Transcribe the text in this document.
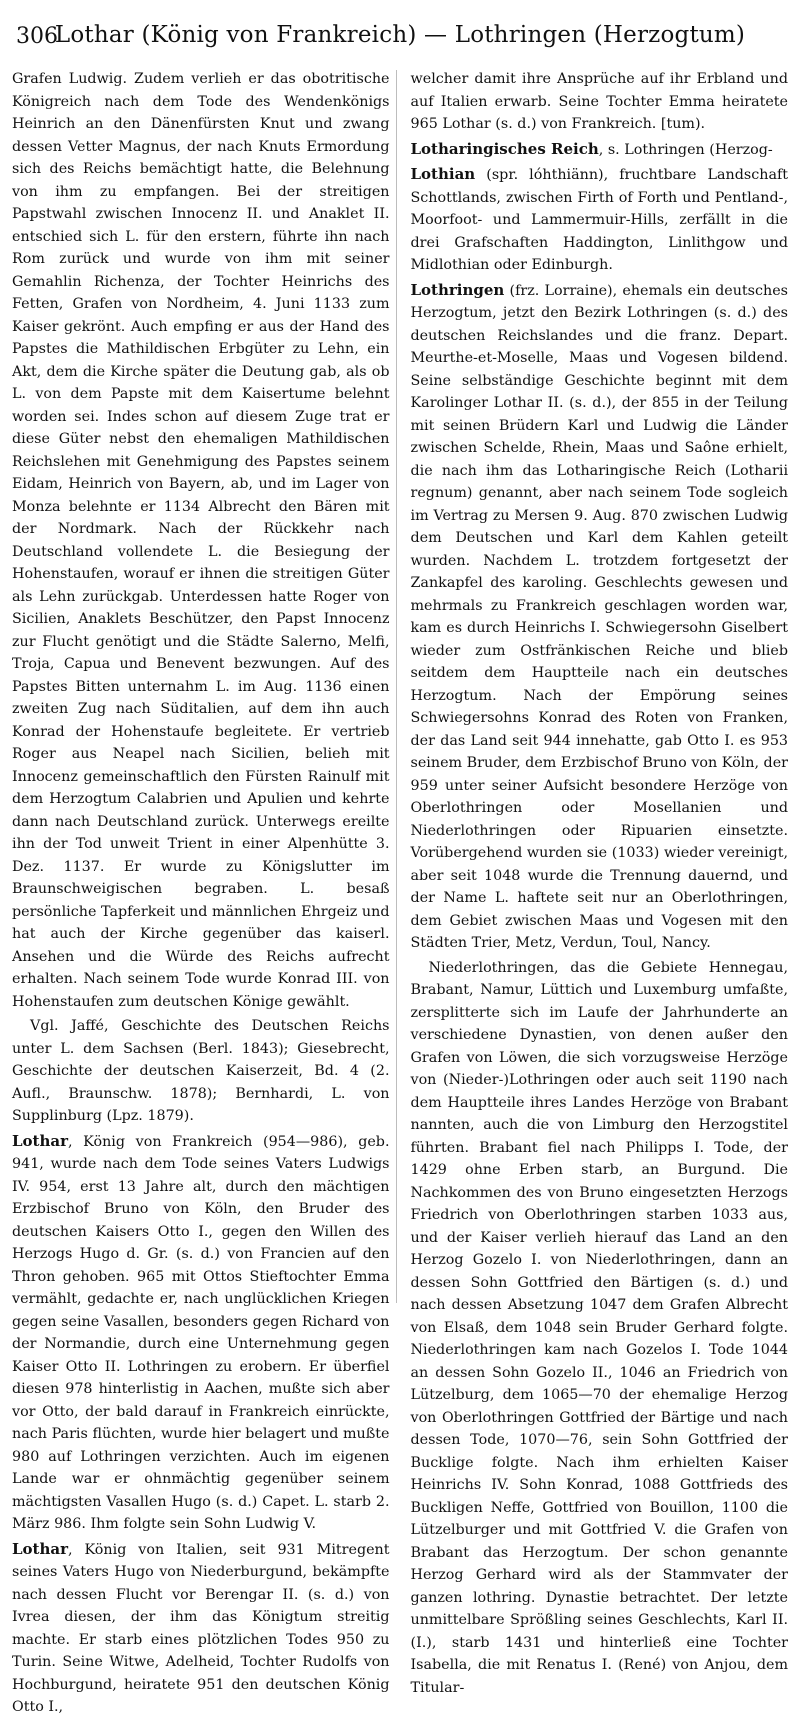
306
Lothar (König von Frankreich) — Lothringen (Herzogtum)

Grafen Ludwig. Zudem verlieh er das obotritische Königreich nach dem Tode des Wendenkönigs Heinrich an den Dänenfürsten Knut und zwang dessen Vetter Magnus, der nach Knuts Ermordung sich des Reichs bemächtigt hatte, die Belehnung von ihm zu empfangen. Bei der streitigen Papstwahl zwischen Innocenz II. und Anaklet II. entschied sich L. für den erstern, führte ihn nach Rom zurück und wurde von ihm mit seiner Gemahlin Richenza, der Tochter Heinrichs des Fetten, Grafen von Nordheim, 4. Juni 1133 zum Kaiser gekrönt. Auch empfing er aus der Hand des Papstes die Mathildischen Erbgüter zu Lehn, ein Akt, dem die Kirche später die Deutung gab, als ob L. von dem Papste mit dem Kaisertume belehnt worden sei. Indes schon auf diesem Zuge trat er diese Güter nebst den ehemaligen Mathildischen Reichslehen mit Genehmigung des Papstes seinem Eidam, Heinrich von Bayern, ab, und im Lager von Monza belehnte er 1134 Albrecht den Bären mit der Nordmark. Nach der Rückkehr nach Deutschland vollendete L. die Besiegung der Hohenstaufen, worauf er ihnen die streitigen Güter als Lehn zurückgab. Unterdessen hatte Roger von Sicilien, Anaklets Beschützer, den Papst Innocenz zur Flucht genötigt und die Städte Salerno, Melfi, Troja, Capua und Benevent bezwungen. Auf des Papstes Bitten unternahm L. im Aug. 1136 einen zweiten Zug nach Süditalien, auf dem ihn auch Konrad der Hohenstaufe begleitete. Er vertrieb Roger aus Neapel nach Sicilien, belieh mit Innocenz gemeinschaftlich den Fürsten Rainulf mit dem Herzogtum Calabrien und Apulien und kehrte dann nach Deutschland zurück. Unterwegs ereilte ihn der Tod unweit Trient in einer Alpenhütte 3. Dez. 1137. Er wurde zu Königslutter im Braunschweigischen begraben. L. besaß persönliche Tapferkeit und männlichen Ehrgeiz und hat auch der Kirche gegenüber das kaiserl. Ansehen und die Würde des Reichs aufrecht erhalten. Nach seinem Tode wurde Konrad III. von Hohenstaufen zum deutschen Könige gewählt.

Vgl. Jaffé, Geschichte des Deutschen Reichs unter L. dem Sachsen (Berl. 1843); Giesebrecht, Geschichte der deutschen Kaiserzeit, Bd. 4 (2. Aufl., Braunschw. 1878); Bernhardi, L. von Supplinburg (Lpz. 1879).

Lothar, König von Frankreich (954—986), geb. 941, wurde nach dem Tode seines Vaters Ludwigs IV. 954, erst 13 Jahre alt, durch den mächtigen Erzbischof Bruno von Köln, den Bruder des deutschen Kaisers Otto I., gegen den Willen des Herzogs Hugo d. Gr. (s. d.) von Francien auf den Thron gehoben. 965 mit Ottos Stieftochter Emma vermählt, gedachte er, nach unglücklichen Kriegen gegen seine Vasallen, besonders gegen Richard von der Normandie, durch eine Unternehmung gegen Kaiser Otto II. Lothringen zu erobern. Er überfiel diesen 978 hinterlistig in Aachen, mußte sich aber vor Otto, der bald darauf in Frankreich einrückte, nach Paris flüchten, wurde hier belagert und mußte 980 auf Lothringen verzichten. Auch im eigenen Lande war er ohnmächtig gegenüber seinem mächtigsten Vasallen Hugo (s. d.) Capet. L. starb 2. März 986. Ihm folgte sein Sohn Ludwig V.

Lothar, König von Italien, seit 931 Mitregent seines Vaters Hugo von Niederburgund, bekämpfte nach dessen Flucht vor Berengar II. (s. d.) von Ivrea diesen, der ihm das Königtum streitig machte. Er starb eines plötzlichen Todes 950 zu Turin. Seine Witwe, Adelheid, Tochter Rudolfs von Hochburgund, heiratete 951 den deutschen König Otto I.,

welcher damit ihre Ansprüche auf ihr Erbland und auf Italien erwarb. Seine Tochter Emma heiratete 965 Lothar (s. d.) von Frankreich. [tum).

Lotharingisches Reich, s. Lothringen (Herzog-

Lothian (spr. lóhthiänn), fruchtbare Landschaft Schottlands, zwischen Firth of Forth und Pentland-, Moorfoot- und Lammermuir-Hills, zerfällt in die drei Grafschaften Haddington, Linlithgow und Midlothian oder Edinburgh.

Lothringen (frz. Lorraine), ehemals ein deutsches Herzogtum, jetzt den Bezirk Lothringen (s. d.) des deutschen Reichslandes und die franz. Depart. Meurthe-et-Moselle, Maas und Vogesen bildend. Seine selbständige Geschichte beginnt mit dem Karolinger Lothar II. (s. d.), der 855 in der Teilung mit seinen Brüdern Karl und Ludwig die Länder zwischen Schelde, Rhein, Maas und Saône erhielt, die nach ihm das Lotharingische Reich (Lotharii regnum) genannt, aber nach seinem Tode sogleich im Vertrag zu Mersen 9. Aug. 870 zwischen Ludwig dem Deutschen und Karl dem Kahlen geteilt wurden. Nachdem L. trotzdem fortgesetzt der Zankapfel des karoling. Geschlechts gewesen und mehrmals zu Frankreich geschlagen worden war, kam es durch Heinrichs I. Schwiegersohn Giselbert wieder zum Ostfränkischen Reiche und blieb seitdem dem Hauptteile nach ein deutsches Herzogtum. Nach der Empörung seines Schwiegersohns Konrad des Roten von Franken, der das Land seit 944 innehatte, gab Otto I. es 953 seinem Bruder, dem Erzbischof Bruno von Köln, der 959 unter seiner Aufsicht besondere Herzöge von Oberlothringen oder Mosellanien und Niederlothringen oder Ripuarien einsetzte. Vorübergehend wurden sie (1033) wieder vereinigt, aber seit 1048 wurde die Trennung dauernd, und der Name L. haftete seit nur an Oberlothringen, dem Gebiet zwischen Maas und Vogesen mit den Städten Trier, Metz, Verdun, Toul, Nancy.

Niederlothringen, das die Gebiete Hennegau, Brabant, Namur, Lüttich und Luxemburg umfaßte, zersplitterte sich im Laufe der Jahrhunderte an verschiedene Dynastien, von denen außer den Grafen von Löwen, die sich vorzugsweise Herzöge von (Nieder-)Lothringen oder auch seit 1190 nach dem Hauptteile ihres Landes Herzöge von Brabant nannten, auch die von Limburg den Herzogstitel führten. Brabant fiel nach Philipps I. Tode, der 1429 ohne Erben starb, an Burgund. Die Nachkommen des von Bruno eingesetzten Herzogs Friedrich von Oberlothringen starben 1033 aus, und der Kaiser verlieh hierauf das Land an den Herzog Gozelo I. von Niederlothringen, dann an dessen Sohn Gottfried den Bärtigen (s. d.) und nach dessen Absetzung 1047 dem Grafen Albrecht von Elsaß, dem 1048 sein Bruder Gerhard folgte. Niederlothringen kam nach Gozelos I. Tode 1044 an dessen Sohn Gozelo II., 1046 an Friedrich von Lützelburg, dem 1065—70 der ehemalige Herzog von Oberlothringen Gottfried der Bärtige und nach dessen Tode, 1070—76, sein Sohn Gottfried der Bucklige folgte. Nach ihm erhielten Kaiser Heinrichs IV. Sohn Konrad, 1088 Gottfrieds des Buckligen Neffe, Gottfried von Bouillon, 1100 die Lützelburger und mit Gottfried V. die Grafen von Brabant das Herzogtum. Der schon genannte Herzog Gerhard wird als der Stammvater der ganzen lothring. Dynastie betrachtet. Der letzte unmittelbare Sprößling seines Geschlechts, Karl II. (I.), starb 1431 und hinterließ eine Tochter Isabella, die mit Renatus I. (René) von Anjou, dem Titular-
